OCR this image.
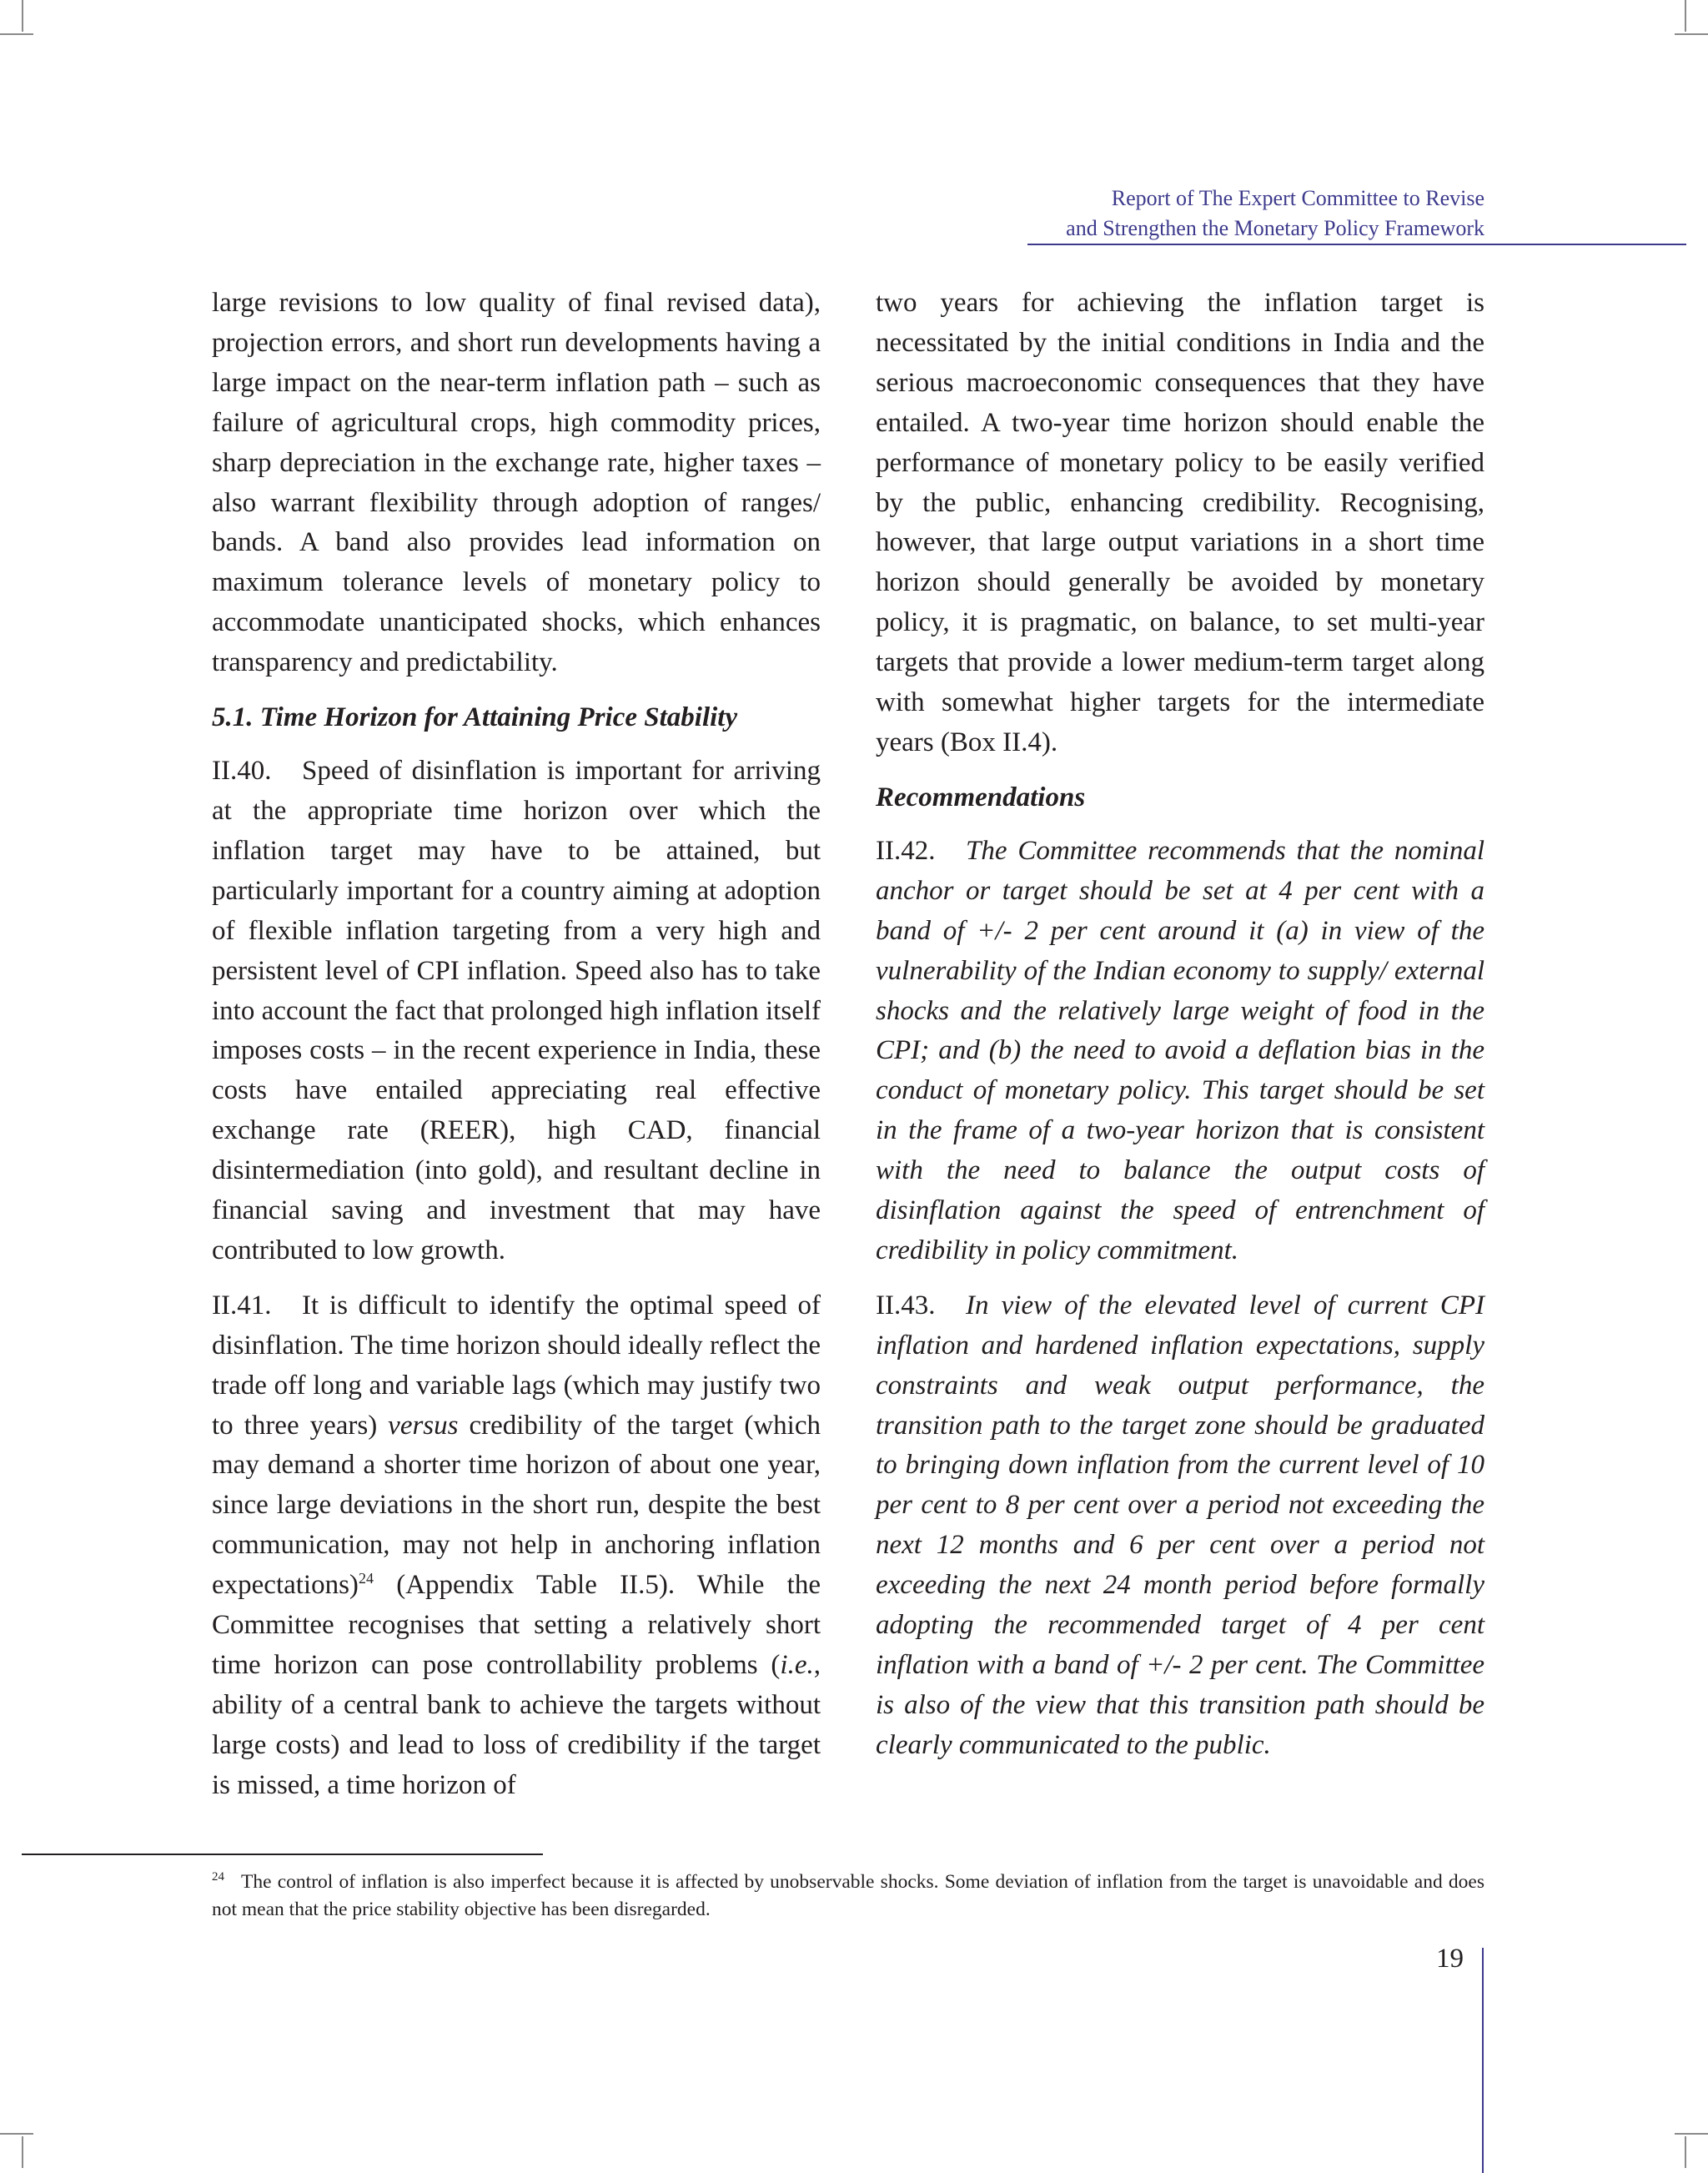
Report of The Expert Committee to Revise
and Strengthen the Monetary Policy Framework

large revisions to low quality of final revised data), projection errors, and short run developments having a large impact on the near-term inflation path – such as failure of agricultural crops, high commodity prices, sharp depreciation in the exchange rate, higher taxes – also warrant flexibility through adoption of ranges/ bands. A band also provides lead information on maximum tolerance levels of monetary policy to accommodate unanticipated shocks, which enhances transparency and predictability.

5.1. Time Horizon for Attaining Price Stability

II.40. Speed of disinflation is important for arriving at the appropriate time horizon over which the inflation target may have to be attained, but particularly important for a country aiming at adoption of flexible inflation targeting from a very high and persistent level of CPI inflation. Speed also has to take into account the fact that prolonged high inflation itself imposes costs – in the recent experience in India, these costs have entailed appreciating real effective exchange rate (REER), high CAD, financial disintermediation (into gold), and resultant decline in financial saving and investment that may have contributed to low growth.

II.41. It is difficult to identify the optimal speed of disinflation. The time horizon should ideally reflect the trade off long and variable lags (which may justify two to three years) versus credibility of the target (which may demand a shorter time horizon of about one year, since large deviations in the short run, despite the best communication, may not help in anchoring inflation expectations)$^{24}$ (Appendix Table II.5). While the Committee recognises that setting a relatively short time horizon can pose controllability problems (i.e., ability of a central bank to achieve the targets without large costs) and lead to loss of credibility if the target is missed, a time horizon of

two years for achieving the inflation target is necessitated by the initial conditions in India and the serious macroeconomic consequences that they have entailed. A two-year time horizon should enable the performance of monetary policy to be easily verified by the public, enhancing credibility. Recognising, however, that large output variations in a short time horizon should generally be avoided by monetary policy, it is pragmatic, on balance, to set multi-year targets that provide a lower medium-term target along with somewhat higher targets for the intermediate years (Box II.4).

Recommendations

II.42. The Committee recommends that the nominal anchor or target should be set at 4 per cent with a band of +/- 2 per cent around it (a) in view of the vulnerability of the Indian economy to supply/ external shocks and the relatively large weight of food in the CPI; and (b) the need to avoid a deflation bias in the conduct of monetary policy. This target should be set in the frame of a two-year horizon that is consistent with the need to balance the output costs of disinflation against the speed of entrenchment of credibility in policy commitment.

II.43. In view of the elevated level of current CPI inflation and hardened inflation expectations, supply constraints and weak output performance, the transition path to the target zone should be graduated to bringing down inflation from the current level of 10 per cent to 8 per cent over a period not exceeding the next 12 months and 6 per cent over a period not exceeding the next 24 month period before formally adopting the recommended target of 4 per cent inflation with a band of +/- 2 per cent. The Committee is also of the view that this transition path should be clearly communicated to the public.

$^{24}$ The control of inflation is also imperfect because it is affected by unobservable shocks. Some deviation of inflation from the target is unavoidable and does not mean that the price stability objective has been disregarded.
19
